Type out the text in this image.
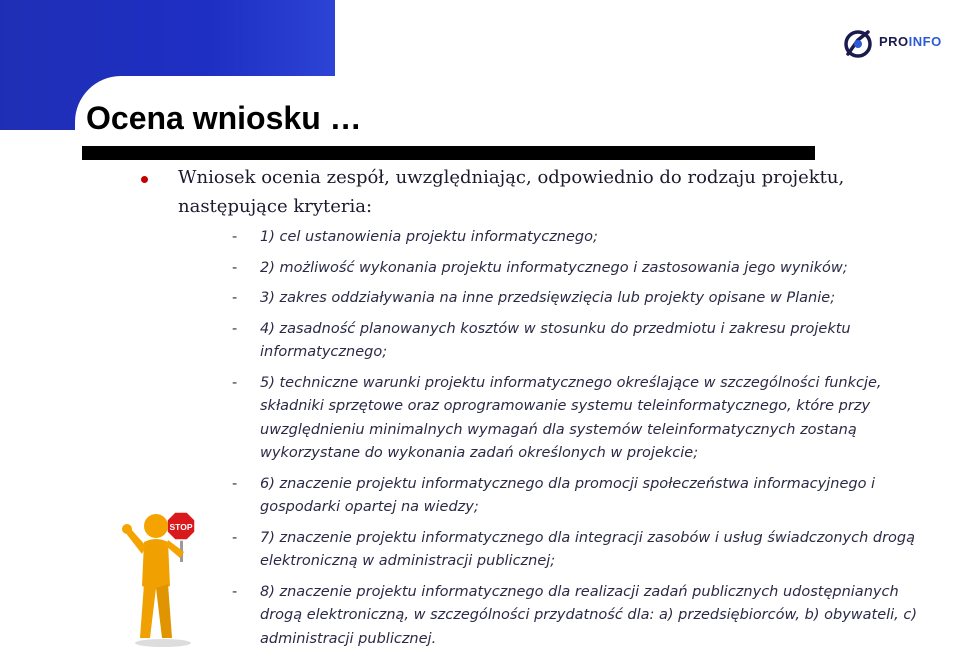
PROINFO
Ocena wniosku …
Wniosek ocenia zespół, uwzględniając, odpowiednio do rodzaju projektu, następujące kryteria:
- 1) cel ustanowienia projektu informatycznego;
- 2) możliwość wykonania projektu informatycznego i zastosowania jego wyników;
- 3) zakres oddziaływania na inne przedsięwzięcia lub projekty opisane w Planie;
- 4) zasadność planowanych kosztów w stosunku do przedmiotu i zakresu projektu informatycznego;
- 5) techniczne warunki projektu informatycznego określające w szczególności funkcje, składniki sprzętowe oraz oprogramowanie systemu teleinformatycznego, które przy uwzględnieniu minimalnych wymagań dla systemów teleinformatycznych zostaną wykorzystane do wykonania zadań określonych w projekcie;
- 6) znaczenie projektu informatycznego dla promocji społeczeństwa informacyjnego i gospodarki opartej na wiedzy;
- 7) znaczenie projektu informatycznego dla integracji zasobów i usług świadczonych drogą elektroniczną w administracji publicznej;
- 8) znaczenie projektu informatycznego dla realizacji zadań publicznych udostępnianych drogą elektroniczną, w szczególności przydatność dla: a) przedsiębiorców, b) obywateli, c) administracji publicznej.
STOP
